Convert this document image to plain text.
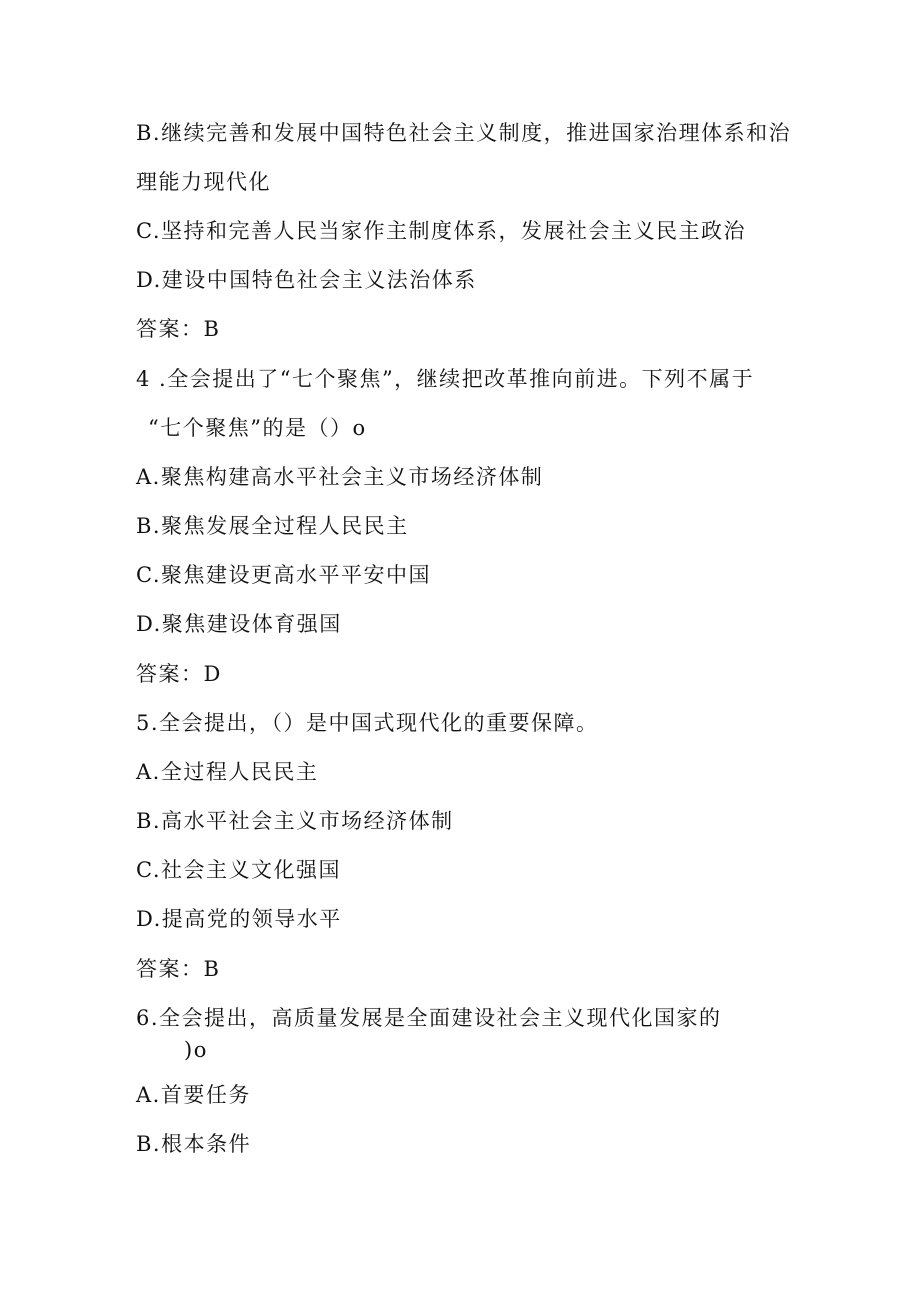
B.继续完善和发展中国特色社会主义制度，推进国家治理体系和治
理能力现代化
C.坚持和完善人民当家作主制度体系，发展社会主义民主政治
D.建设中国特色社会主义法治体系
答案：B
4 .全会提出了“七个聚焦”，继续把改革推向前进。下列不属于
“七个聚焦”的是（）o
A.聚焦构建高水平社会主义市场经济体制
B.聚焦发展全过程人民民主
C.聚焦建设更高水平平安中国
D.聚焦建设体育强国
答案：D
5.全会提出，（）是中国式现代化的重要保障。
A.全过程人民民主
B.高水平社会主义市场经济体制
C.社会主义文化强国
D.提高党的领导水平
答案：B
6.全会提出，高质量发展是全面建设社会主义现代化国家的
)o
A.首要任务
B.根本条件
